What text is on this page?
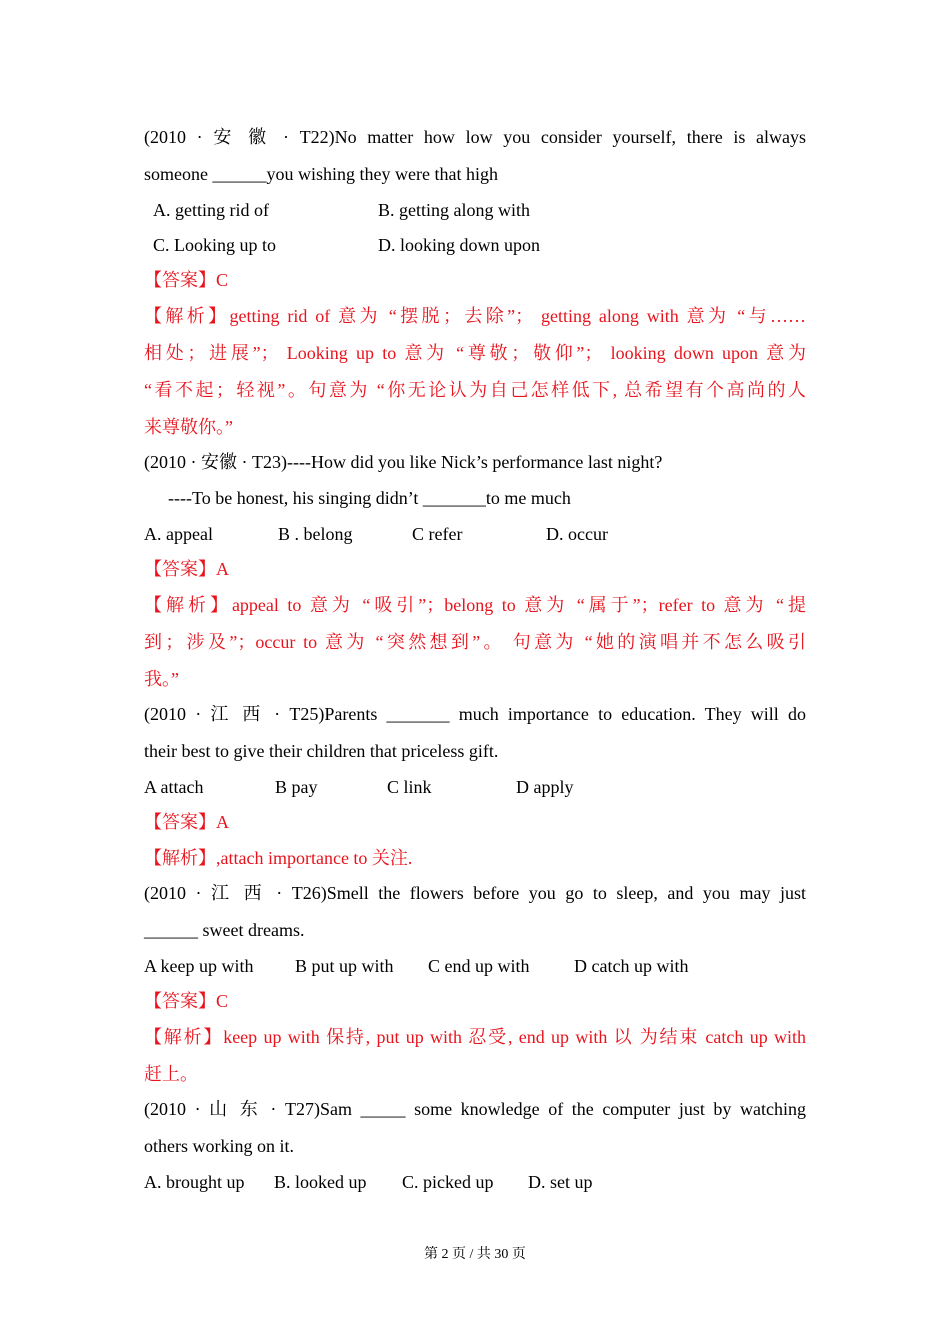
(2010 · 安 徽 · T22)No matter how low you consider yourself, there is always
someone ______you wishing they were that high
A. getting rid of	B. getting along with
C. Looking up to	D. looking down upon
【答案】C
【解析】getting rid of 意为 “摆脱；去除”； getting along with 意为 “与……
相处；进展”； Looking up to 意为 “尊敬；敬仰”； looking down upon 意为
“看不起；轻视”。句意为 “你无论认为自己怎样低下, 总希望有个高尚的人
来尊敬你。”
(2010 · 安徽 · T23)----How did you like Nick’s performance last night?
----To be honest, his singing didn’t _______to me much
A. appeal	B . belong	C refer	D. occur
【答案】A
【解析】appeal to 意为 “吸引”；belong to 意为 “属于”；refer to 意为 “提
到；涉及”；occur to 意为 “突然想到”。 句意为 “她的演唱并不怎么吸引
我。”
(2010 · 江 西 · T25)Parents _______ much importance to education. They will do
their best to give their children that priceless gift.
A attach	B pay	C link	D apply
【答案】A
【解析】,attach importance to 关注.
(2010 · 江 西 · T26)Smell the flowers before you go to sleep, and you may just
______ sweet dreams.
A keep up with B put up with C end up with D catch up with
【答案】C
【解析】keep up with 保持, put up with 忍受, end up with 以 为结束 catch up with
赶上。
(2010 · 山 东 · T27)Sam _____ some knowledge of the computer just by watching
others working on it.
A. brought up B. looked up C. picked up D. set up
第 2 页 / 共 30 页
